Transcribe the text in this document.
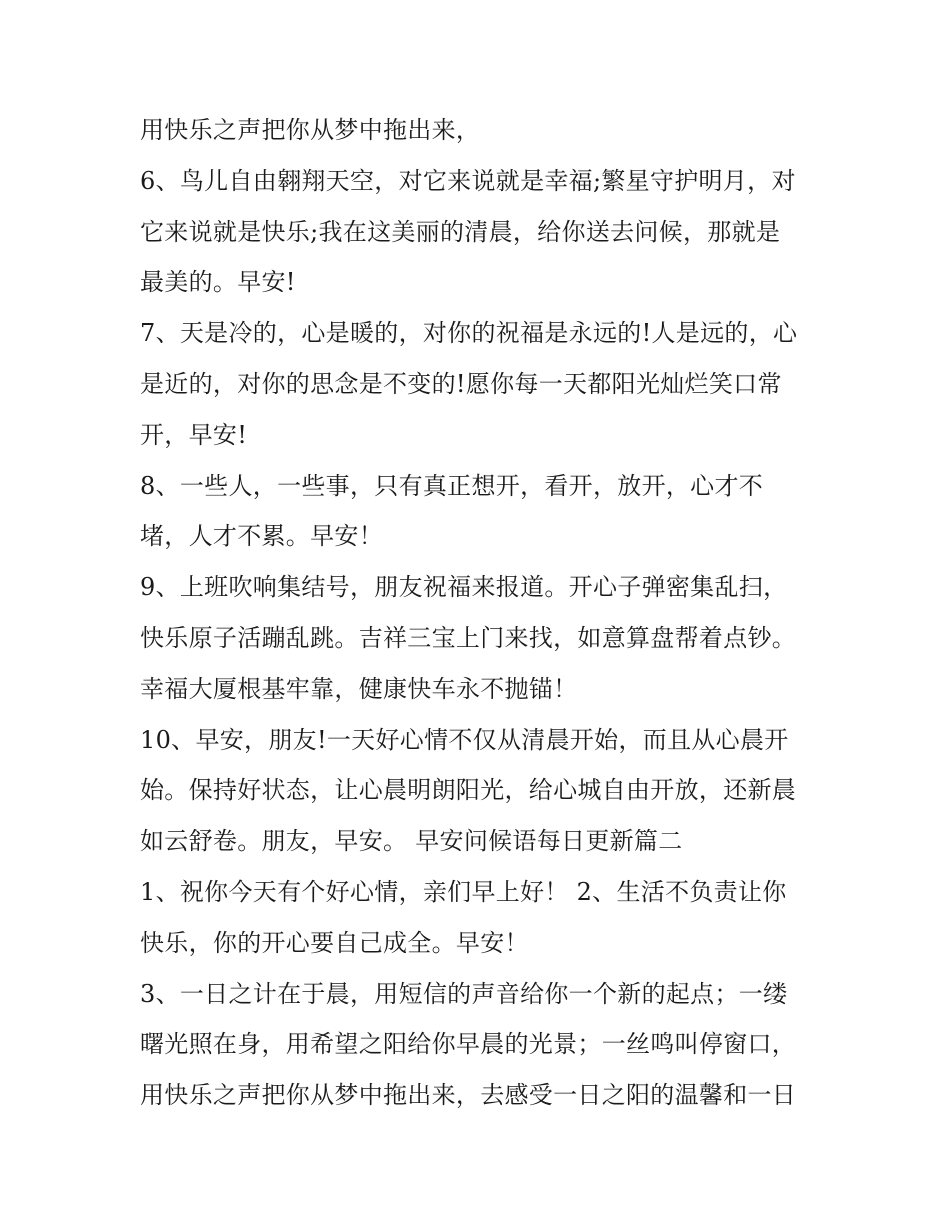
用快乐之声把你从梦中拖出来，
6、鸟儿自由翱翔天空，对它来说就是幸福;繁星守护明月，对
它来说就是快乐;我在这美丽的清晨，给你送去问候，那就是
最美的。早安!
7、天是冷的，心是暖的，对你的祝福是永远的!人是远的，心
是近的，对你的思念是不变的!愿你每一天都阳光灿烂笑口常
开，早安!
8、一些人，一些事，只有真正想开，看开，放开，心才不
堵，人才不累。早安！
9、上班吹响集结号，朋友祝福来报道。开心子弹密集乱扫，
快乐原子活蹦乱跳。吉祥三宝上门来找，如意算盘帮着点钞。
幸福大厦根基牢靠，健康快车永不抛锚！
10、早安，朋友!一天好心情不仅从清晨开始，而且从心晨开
始。保持好状态，让心晨明朗阳光，给心城自由开放，还新晨
如云舒卷。朋友，早安。 早安问候语每日更新篇二
1、祝你今天有个好心情，亲们早上好！ 2、生活不负责让你
快乐，你的开心要自己成全。早安！
3、一日之计在于晨，用短信的声音给你一个新的起点；一缕
曙光照在身，用希望之阳给你早晨的光景；一丝鸣叫停窗口，
用快乐之声把你从梦中拖出来，去感受一日之阳的温馨和一日
